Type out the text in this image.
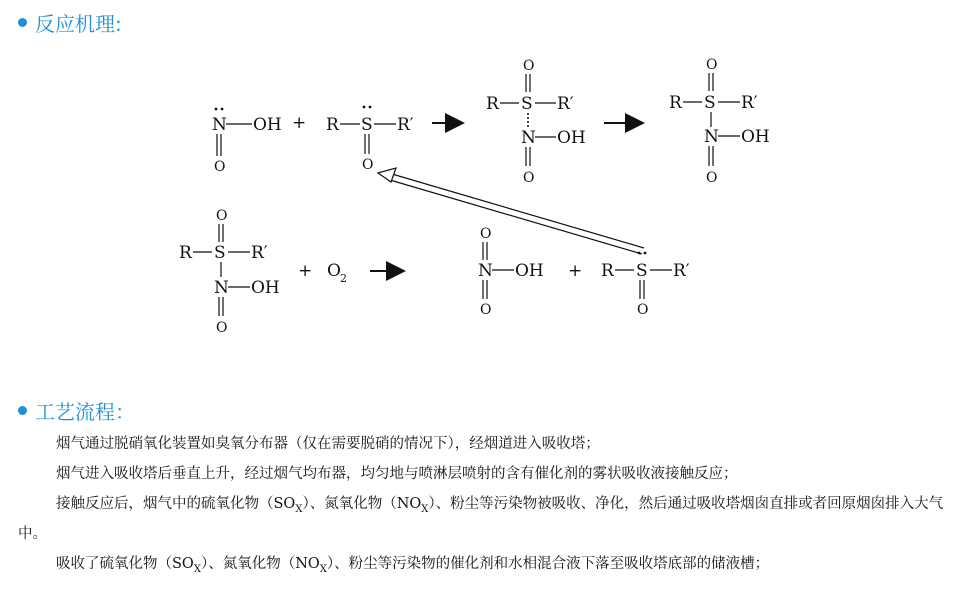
反应机理:
N OH
O
+ R S R′
O
O
R S R′
N OH
O
O
R S R′
N OH
O
O
R S R′
N OH
O
+ O 2
O
N OH
O
+ R S R′
O
工艺流程：

烟气通过脱硝氧化装置如臭氧分布器（仅在需要脱硝的情况下），经烟道进入吸收塔；

烟气进入吸收塔后垂直上升，经过烟气均布器，均匀地与喷淋层喷射的含有催化剂的雾状吸收液接触反应；

接触反应后，烟气中的硫氧化物$(SO_X)$、氮氧化物$(NO_X)$、粉尘等污染物被吸收、净化，然后通过吸收塔烟囱直排或者回原烟囱排入大气中。

吸收了硫氧化物$(SO_X)$、氮氧化物$(NO_X)$、粉尘等污染物的催化剂和水相混合液下落至吸收塔底部的储液槽；
